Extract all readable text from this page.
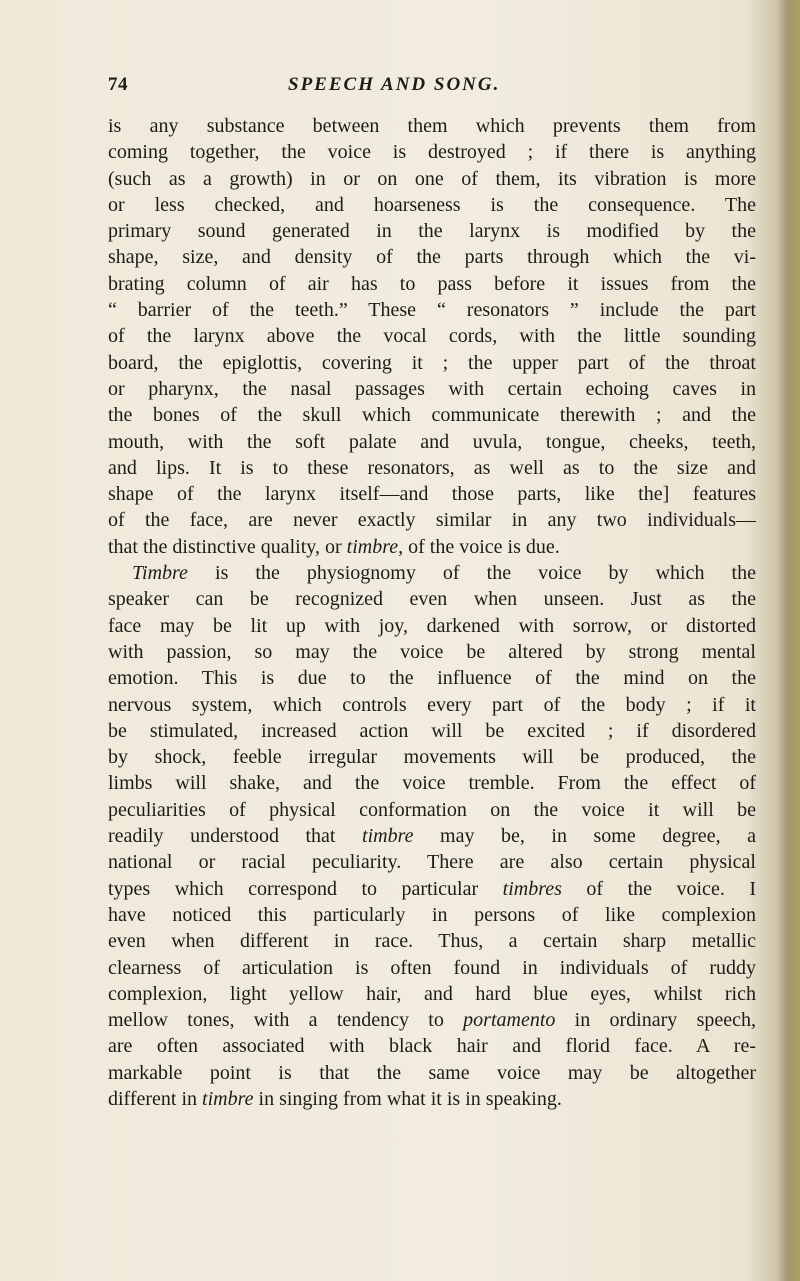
74	SPEECH AND SONG.

is any substance between them which prevents them from

coming together, the voice is destroyed ; if there is anything

(such as a growth) in or on one of them, its vibration is more

or less checked, and hoarseness is the consequence. The

primary sound generated in the larynx is modified by the

shape, size, and density of the parts through which the vi-

brating column of air has to pass before it issues from the

“ barrier of the teeth.” These “ resonators ” include the part

of the larynx above the vocal cords, with the little sounding

board, the epiglottis, covering it ; the upper part of the throat

or pharynx, the nasal passages with certain echoing caves in

the bones of the skull which communicate therewith ; and the

mouth, with the soft palate and uvula, tongue, cheeks, teeth,

and lips. It is to these resonators, as well as to the size and

shape of the larynx itself—and those parts, like the] features

of the face, are never exactly similar in any two individuals—

that the distinctive quality, or timbre, of the voice is due.

Timbre is the physiognomy of the voice by which the

speaker can be recognized even when unseen. Just as the

face may be lit up with joy, darkened with sorrow, or distorted

with passion, so may the voice be altered by strong mental

emotion. This is due to the influence of the mind on the

nervous system, which controls every part of the body ; if it

be stimulated, increased action will be excited ; if disordered

by shock, feeble irregular movements will be produced, the

limbs will shake, and the voice tremble. From the effect of

peculiarities of physical conformation on the voice it will be

readily understood that timbre may be, in some degree, a

national or racial peculiarity. There are also certain physical

types which correspond to particular timbres of the voice. I

have noticed this particularly in persons of like complexion

even when different in race. Thus, a certain sharp metallic

clearness of articulation is often found in individuals of ruddy

complexion, light yellow hair, and hard blue eyes, whilst rich

mellow tones, with a tendency to portamento in ordinary speech,

are often associated with black hair and florid face. A re-

markable point is that the same voice may be altogether

different in timbre in singing from what it is in speaking.
